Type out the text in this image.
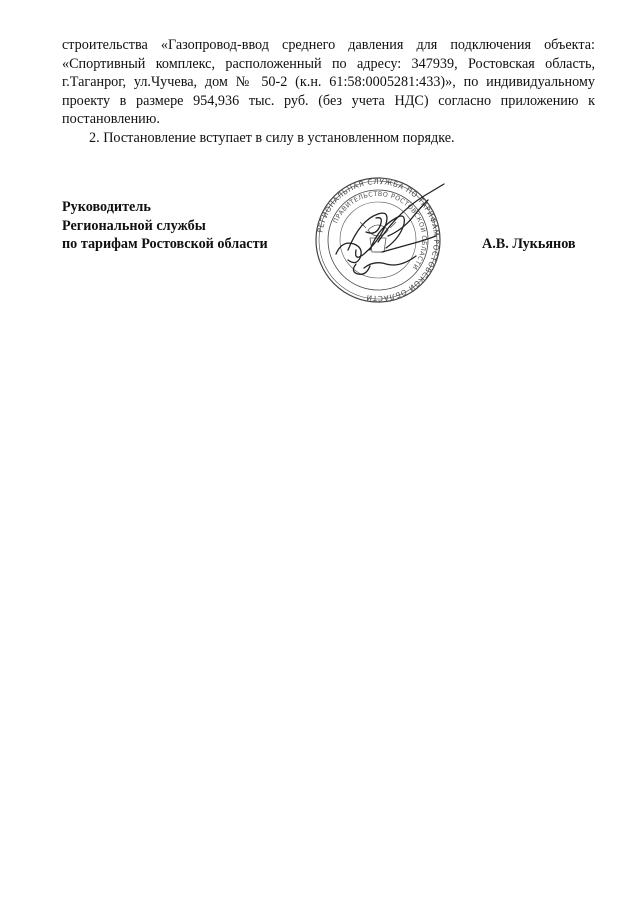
строительства «Газопровод-ввод среднего давления для подключения объекта: «Спортивный комплекс, расположенный по адресу: 347939, Ростовская область, г.Таганрог, ул.Чучева, дом № 50-2 (к.н. 61:58:0005281:433)», по индивидуальному проекту в размере 954,936 тыс. руб. (без учета НДС) согласно приложению к постановлению.

2. Постановление вступает в силу в установленном порядке.

Руководитель
Региональной службы
по тарифам Ростовской области	А.В. Лукьянов
РЕГИОНАЛЬНАЯ СЛУЖБА ПО ТАРИФАМ РОСТОВСКОЙ ОБЛАСТИ
ПРАВИТЕЛЬСТВО РОСТОВСКОЙ ОБЛАСТИ
